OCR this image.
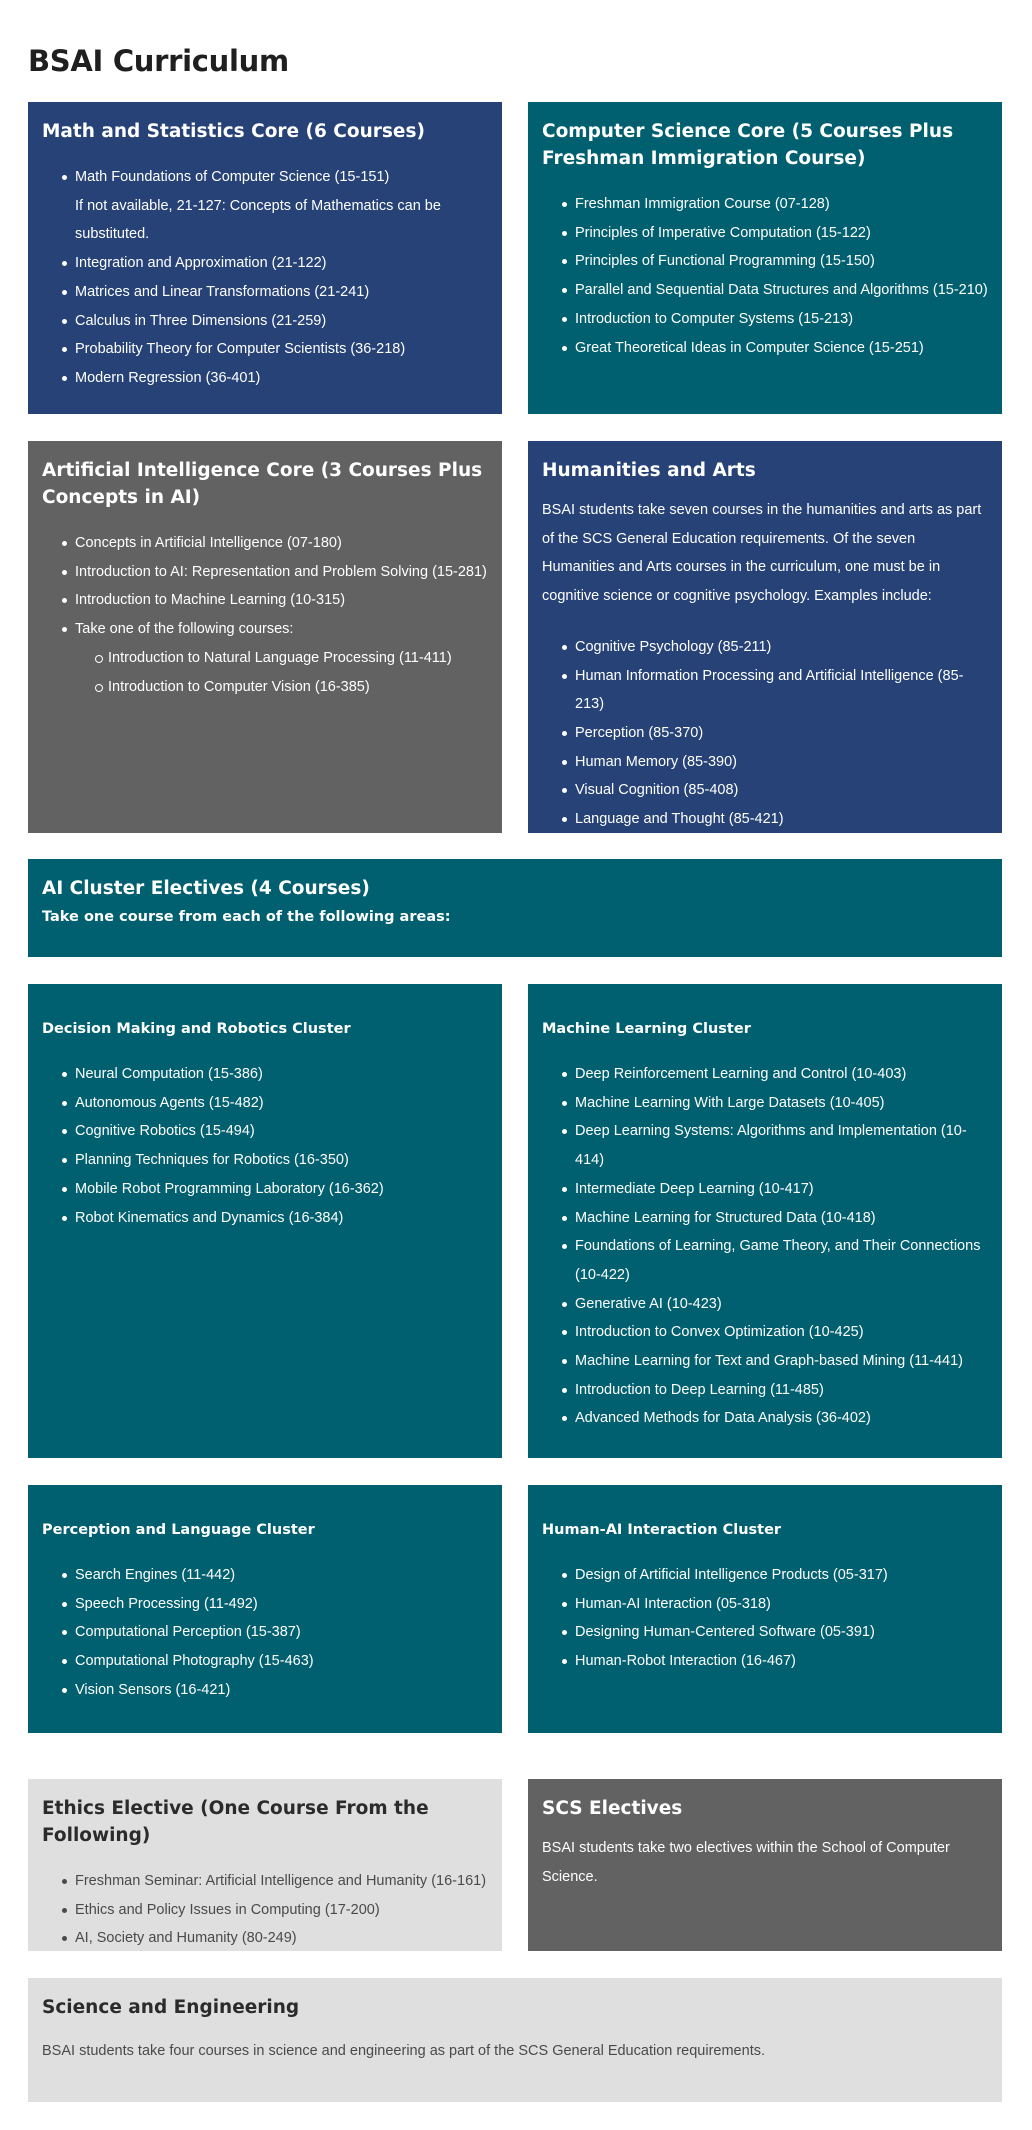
BSAI Curriculum
Math and Statistics Core (6 Courses)
Math Foundations of Computer Science (15-151)
If not available, 21-127: Concepts of Mathematics can be substituted.
Integration and Approximation (21-122)
Matrices and Linear Transformations (21-241)
Calculus in Three Dimensions (21-259)
Probability Theory for Computer Scientists (36-218)
Modern Regression (36-401)
Computer Science Core (5 Courses Plus Freshman Immigration Course)
Freshman Immigration Course (07-128)
Principles of Imperative Computation (15-122)
Principles of Functional Programming (15-150)
Parallel and Sequential Data Structures and Algorithms (15-210)
Introduction to Computer Systems (15-213)
Great Theoretical Ideas in Computer Science (15-251)
Artificial Intelligence Core (3 Courses Plus Concepts in AI)
Concepts in Artificial Intelligence (07-180)
Introduction to AI: Representation and Problem Solving (15-281)
Introduction to Machine Learning (10-315)
Take one of the following courses:
Introduction to Natural Language Processing (11-411)
Introduction to Computer Vision (16-385)
Humanities and Arts

BSAI students take seven courses in the humanities and arts as part of the SCS General Education requirements. Of the seven Humanities and Arts courses in the curriculum, one must be in cognitive science or cognitive psychology. Examples include:

Cognitive Psychology (85-211)
Human Information Processing and Artificial Intelligence (85-213)
Perception (85-370)
Human Memory (85-390)
Visual Cognition (85-408)
Language and Thought (85-421)
AI Cluster Electives (4 Courses)
Take one course from each of the following areas:
Decision Making and Robotics Cluster
Neural Computation (15-386)
Autonomous Agents (15-482)
Cognitive Robotics (15-494)
Planning Techniques for Robotics (16-350)
Mobile Robot Programming Laboratory (16-362)
Robot Kinematics and Dynamics (16-384)
Machine Learning Cluster
Deep Reinforcement Learning and Control (10-403)
Machine Learning With Large Datasets (10-405)
Deep Learning Systems: Algorithms and Implementation (10-414)
Intermediate Deep Learning (10-417)
Machine Learning for Structured Data (10-418)
Foundations of Learning, Game Theory, and Their Connections (10-422)
Generative AI (10-423)
Introduction to Convex Optimization (10-425)
Machine Learning for Text and Graph-based Mining (11-441)
Introduction to Deep Learning (11-485)
Advanced Methods for Data Analysis (36-402)
Perception and Language Cluster
Search Engines (11-442)
Speech Processing (11-492)
Computational Perception (15-387)
Computational Photography (15-463)
Vision Sensors (16-421)
Human-AI Interaction Cluster
Design of Artificial Intelligence Products (05-317)
Human-AI Interaction (05-318)
Designing Human-Centered Software (05-391)
Human-Robot Interaction (16-467)
Ethics Elective (One Course From the Following)
Freshman Seminar: Artificial Intelligence and Humanity (16-161)
Ethics and Policy Issues in Computing (17-200)
AI, Society and Humanity (80-249)
SCS Electives

BSAI students take two electives within the School of Computer Science.

Science and Engineering

BSAI students take four courses in science and engineering as part of the SCS General Education requirements.
